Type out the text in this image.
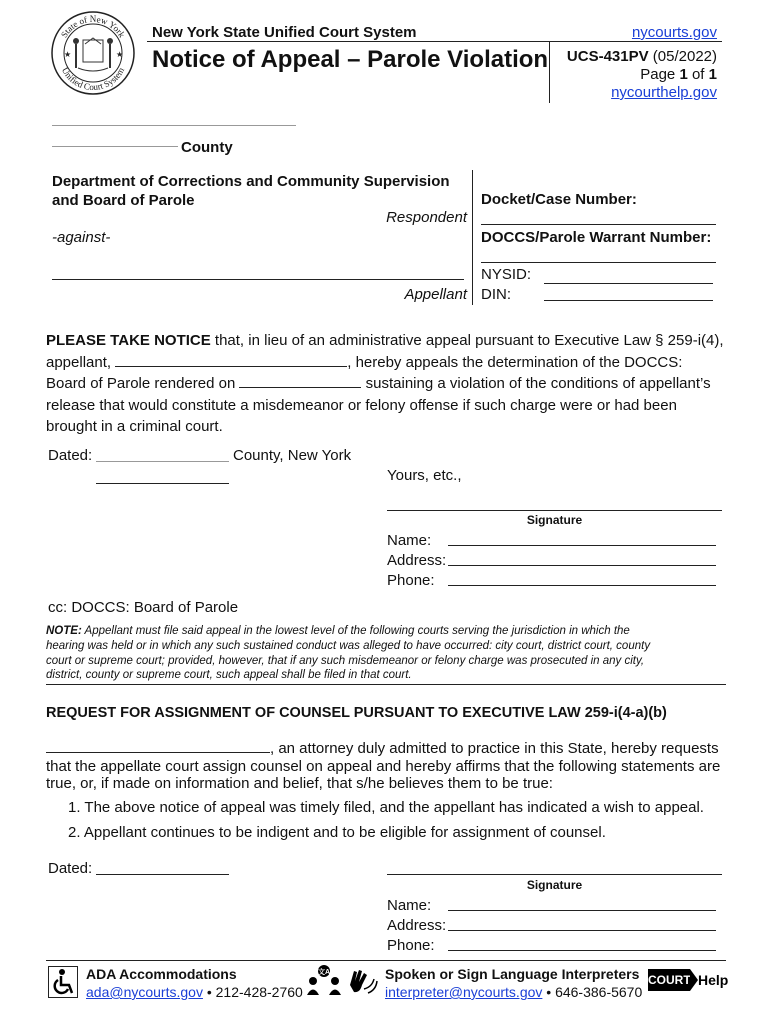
State of New York
Unified Court System
★	★
New York State Unified Court System
Notice of Appeal – Parole Violation
nycourts.gov
UCS-431PV (05/2022)
Page 1 of 1
nycourthelp.gov
County
Department of Corrections and Community Supervision and Board of Parole
Respondent
-against-
Appellant
Docket/Case Number:
DOCCS/Parole Warrant Number:
NYSID:
DIN:
PLEASE TAKE NOTICE that, in lieu of an administrative appeal pursuant to Executive Law § 259-i(4),
appellant,	, hereby appeals the determination of the DOCCS:
Board of Parole rendered on	sustaining a violation of the conditions of appellant’s
release that would constitute a misdemeanor or felony offense if such charge were or had been
brought in a criminal court.
Dated:	County, New York
Yours, etc.,
Signature
Name:
Address:
Phone:
cc: DOCCS: Board of Parole
NOTE: Appellant must file said appeal in the lowest level of the following courts serving the jurisdiction in which the
hearing was held or in which any such sustained conduct was alleged to have occurred: city court, district court, county
court or supreme court; provided, however, that if any such misdemeanor or felony charge was prosecuted in any city,
district, county or supreme court, such appeal shall be filed in that court.
REQUEST FOR ASSIGNMENT OF COUNSEL PURSUANT TO EXECUTIVE LAW 259-i(4-a)(b)
, an attorney duly admitted to practice in this State, hereby requests
that the appellate court assign counsel on appeal and hereby affirms that the following statements are
true, or, if made on information and belief, that s/he believes them to be true:
1. The above notice of appeal was timely filed, and the appellant has indicated a wish to appeal.
2. Appellant continues to be indigent and to be eligible for assignment of counsel.
Dated:
Signature
Name:
Address:
Phone:
ADA Accommodations
ada@nycourts.gov • 212-428-2760
文A	Spoken or Sign Language Interpreters
interpreter@nycourts.gov • 646-386-5670
COURT Help
